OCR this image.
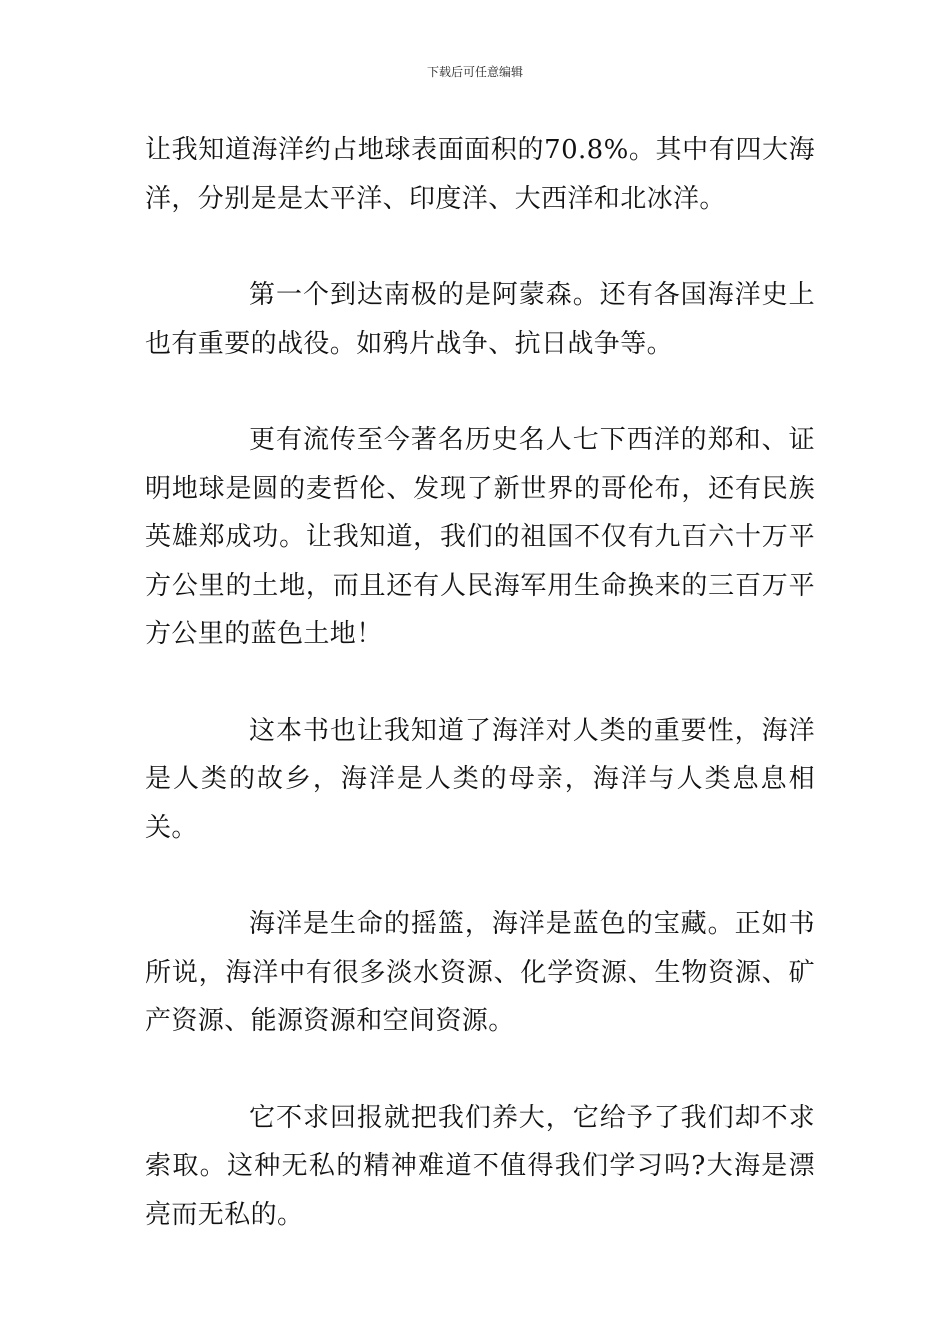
下载后可任意编辑

让我知道海洋约占地球表面面积的70.8%。其中有四大海洋，分别是是太平洋、印度洋、大西洋和北冰洋。

第一个到达南极的是阿蒙森。还有各国海洋史上也有重要的战役。如鸦片战争、抗日战争等。

更有流传至今著名历史名人七下西洋的郑和、证明地球是圆的麦哲伦、发现了新世界的哥伦布，还有民族英雄郑成功。让我知道，我们的祖国不仅有九百六十万平方公里的土地，而且还有人民海军用生命换来的三百万平方公里的蓝色土地！

这本书也让我知道了海洋对人类的重要性，海洋是人类的故乡，海洋是人类的母亲，海洋与人类息息相关。

海洋是生命的摇篮，海洋是蓝色的宝藏。正如书所说，海洋中有很多淡水资源、化学资源、生物资源、矿产资源、能源资源和空间资源。

它不求回报就把我们养大，它给予了我们却不求索取。这种无私的精神难道不值得我们学习吗?大海是漂亮而无私的。
